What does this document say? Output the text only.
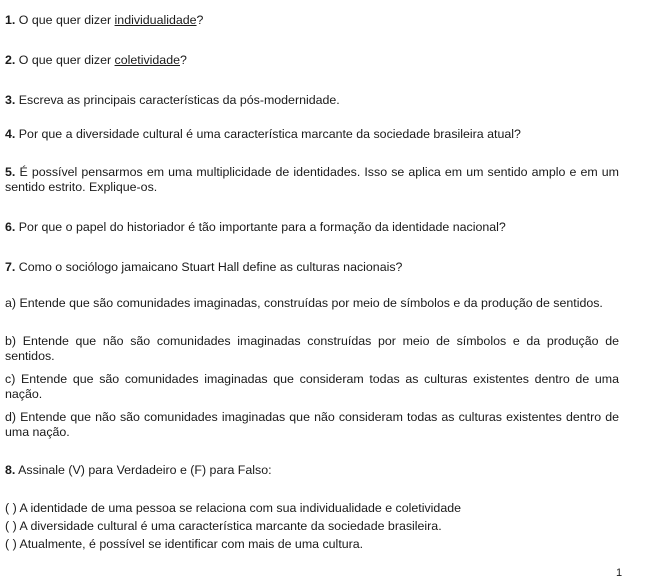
1. O que quer dizer individualidade?

2. O que quer dizer coletividade?

3. Escreva as principais características da pós-modernidade.

4. Por que a diversidade cultural é uma característica marcante da sociedade brasileira atual?

5. É possível pensarmos em uma multiplicidade de identidades. Isso se aplica em um sentido amplo e em um sentido estrito. Explique-os.

6. Por que o papel do historiador é tão importante para a formação da identidade nacional?

7. Como o sociólogo jamaicano Stuart Hall define as culturas nacionais?

a) Entende que são comunidades imaginadas, construídas por meio de símbolos e da produção de sentidos.

b) Entende que não são comunidades imaginadas construídas por meio de símbolos e da produção de sentidos.

c) Entende que são comunidades imaginadas que consideram todas as culturas existentes dentro de uma nação.

d) Entende que não são comunidades imaginadas que não consideram todas as culturas existentes dentro de uma nação.

8. Assinale (V) para Verdadeiro e (F) para Falso:

( ) A identidade de uma pessoa se relaciona com sua individualidade e coletividade

( ) A diversidade cultural é uma característica marcante da sociedade brasileira.

( ) Atualmente, é possível se identificar com mais de uma cultura.

1
